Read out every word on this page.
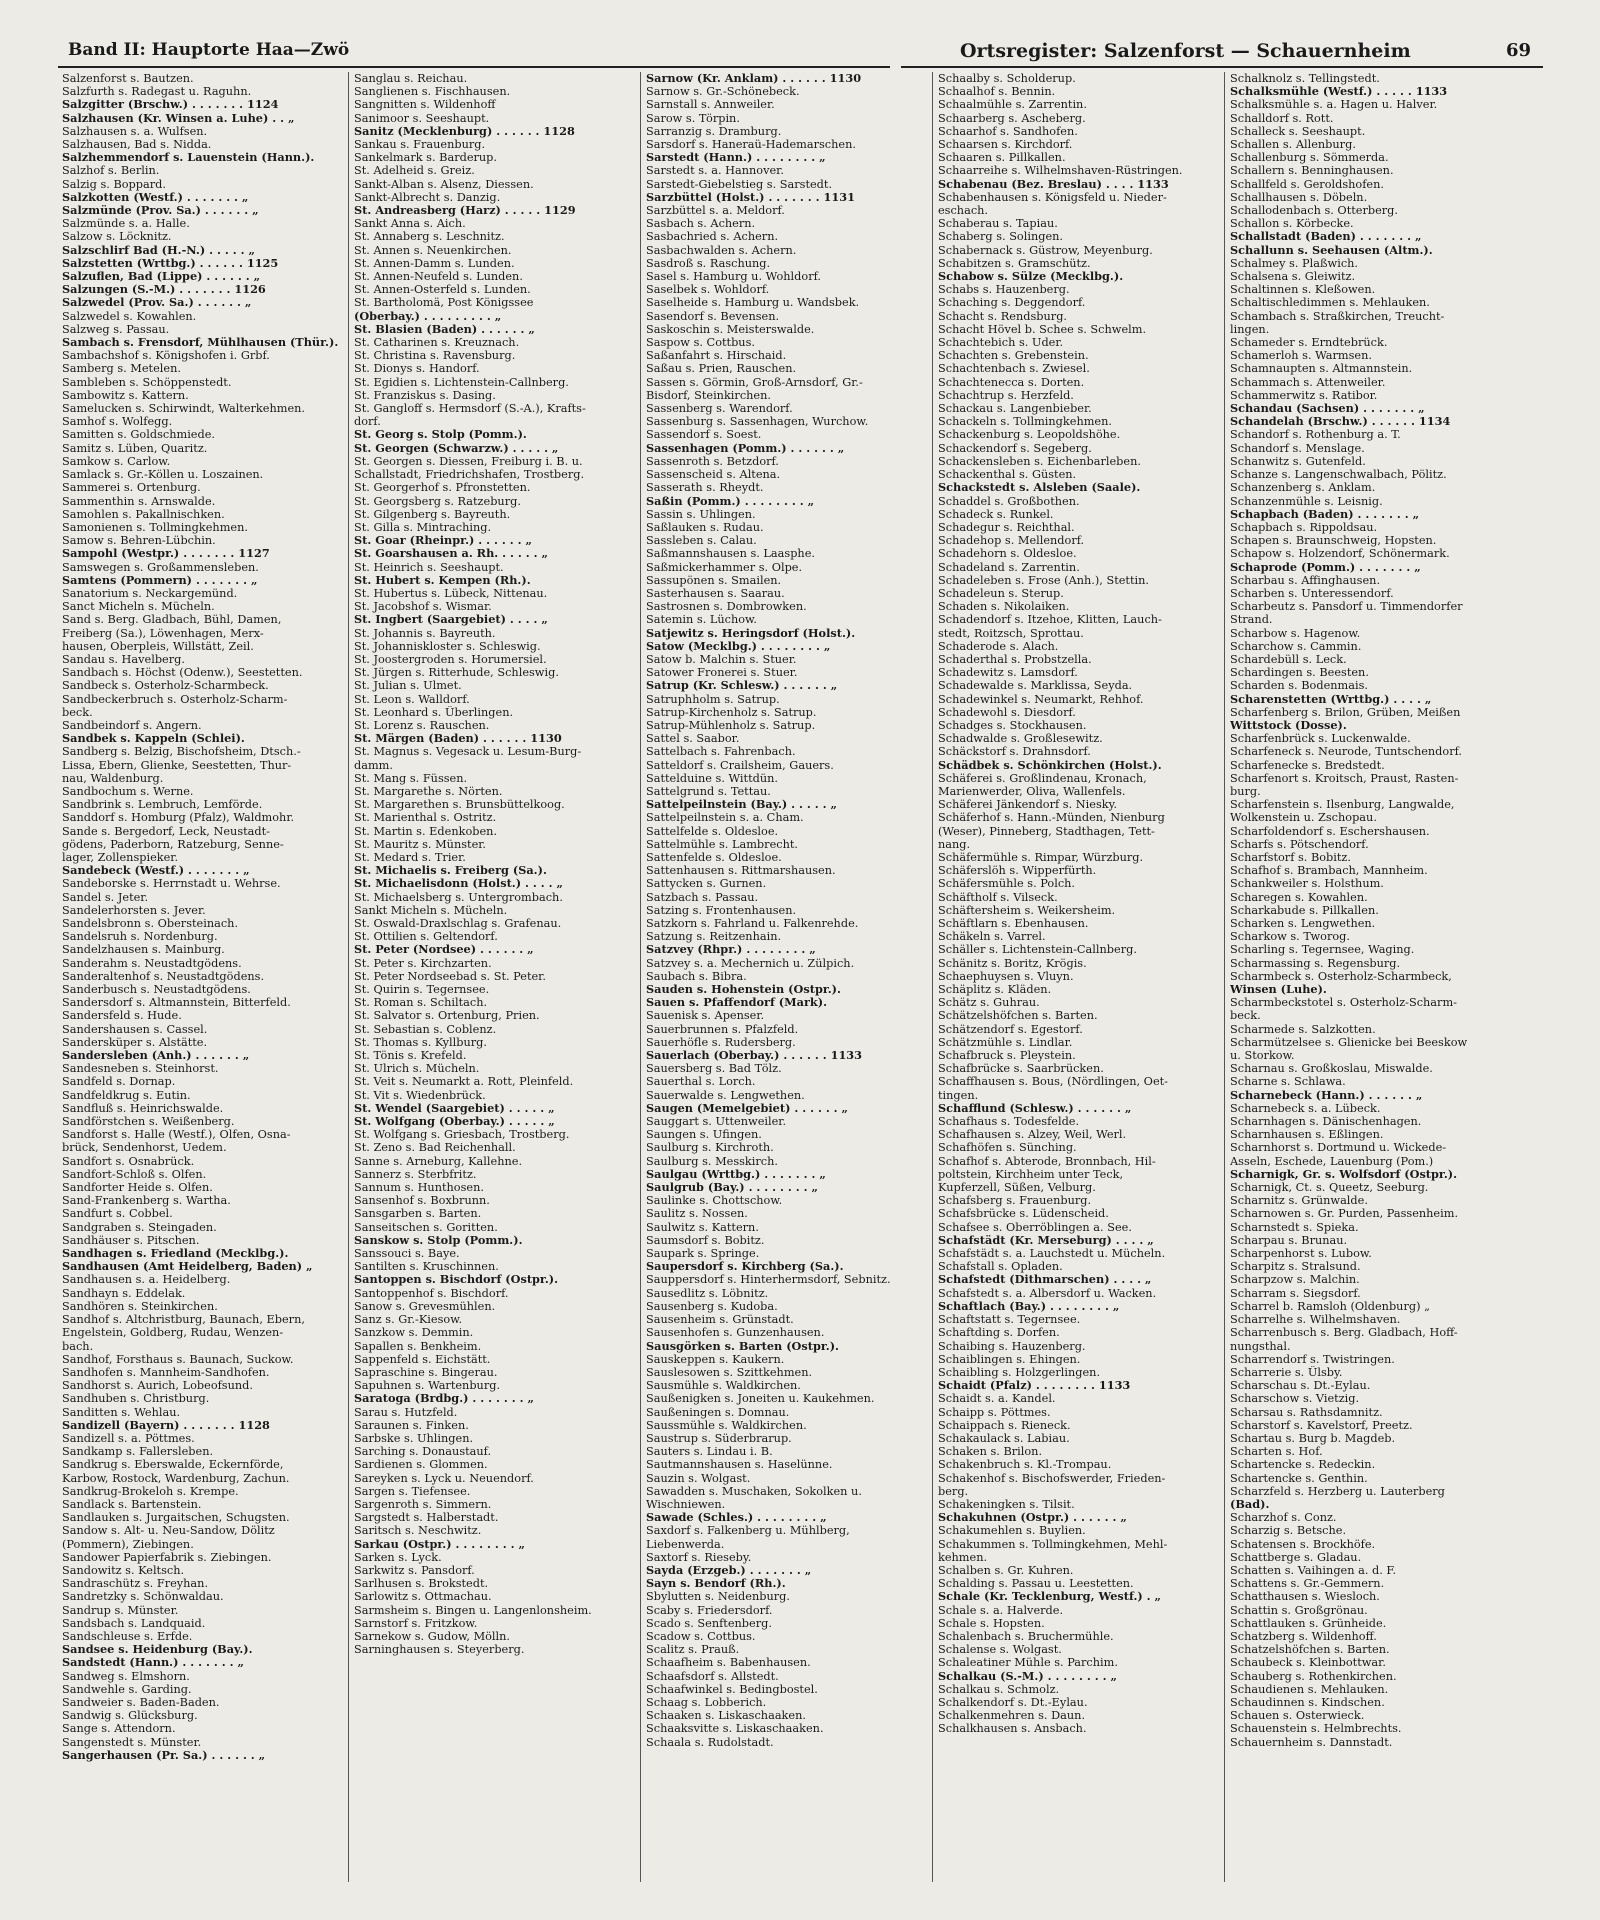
Band II: Hauptorte Haa—Zwö	Ortsregister: Salzenforst — Schauernheim	69
Salzenforst s. Bautzen.
Salzfurth s. Radegast u. Raguhn.
Salzgitter (Brschw.) . . . . . . . 1124
Salzhausen (Kr. Winsen a. Luhe) . . „
Salzhausen s. a. Wulfsen.
Salzhausen, Bad s. Nidda.
Salzhemmendorf s. Lauenstein (Hann.).
Salzhof s. Berlin.
Salzig s. Boppard.
Salzkotten (Westf.) . . . . . . . „
Salzmünde (Prov. Sa.) . . . . . . „
Salzmünde s. a. Halle.
Salzow s. Löcknitz.
Salzschlirf Bad (H.-N.) . . . . . „
Salzstetten (Wrttbg.) . . . . . . 1125
Salzuflen, Bad (Lippe) . . . . . . „
Salzungen (S.-M.) . . . . . . . 1126
Salzwedel (Prov. Sa.) . . . . . . „
Salzwedel s. Kowahlen.
Salzweg s. Passau.
Sambach s. Frensdorf, Mühlhausen (Thür.).
Sambachshof s. Königshofen i. Grbf.
Samberg s. Metelen.
Sambleben s. Schöppenstedt.
Sambowitz s. Kattern.
Samelucken s. Schirwindt, Walterkehmen.
Samhof s. Wolfegg.
Samitten s. Goldschmiede.
Samitz s. Lüben, Quaritz.
Samkow s. Carlow.
Samlack s. Gr.-Köllen u. Loszainen.
Sammerei s. Ortenburg.
Sammenthin s. Arnswalde.
Samohlen s. Pakallnischken.
Samonienen s. Tollmingkehmen.
Samow s. Behren-Lübchin.
Sampohl (Westpr.) . . . . . . . 1127
Samswegen s. Großammensleben.
Samtens (Pommern) . . . . . . . „
Sanatorium s. Neckargemünd.
Sanct Micheln s. Mücheln.
Sand s. Berg. Gladbach, Bühl, Damen,
Freiberg (Sa.), Löwenhagen, Merx-
hausen, Oberpleis, Willstätt, Zeil.
Sandau s. Havelberg.
Sandbach s. Höchst (Odenw.), Seestetten.
Sandbeck s. Osterholz-Scharmbeck.
Sandbeckerbruch s. Osterholz-Scharm-
beck.
Sandbeindorf s. Angern.
Sandbek s. Kappeln (Schlei).
Sandberg s. Belzig, Bischofsheim, Dtsch.-
Lissa, Ebern, Glienke, Seestetten, Thur-
nau, Waldenburg.
Sandbochum s. Werne.
Sandbrink s. Lembruch, Lemförde.
Sanddorf s. Homburg (Pfalz), Waldmohr.
Sande s. Bergedorf, Leck, Neustadt-
gödens, Paderborn, Ratzeburg, Senne-
lager, Zollenspieker.
Sandebeck (Westf.) . . . . . . . „
Sandeborske s. Herrnstadt u. Wehrse.
Sandel s. Jeter.
Sandelerhorsten s. Jever.
Sandelsbronn s. Obersteinach.
Sandelsruh s. Nordenburg.
Sandelzhausen s. Mainburg.
Sanderahm s. Neustadtgödens.
Sanderaltenhof s. Neustadtgödens.
Sanderbusch s. Neustadtgödens.
Sandersdorf s. Altmannstein, Bitterfeld.
Sandersfeld s. Hude.
Sandershausen s. Cassel.
Sandersküper s. Alstätte.
Sandersleben (Anh.) . . . . . . „
Sandesneben s. Steinhorst.
Sandfeld s. Dornap.
Sandfeldkrug s. Eutin.
Sandfluß s. Heinrichswalde.
Sandförstchen s. Weißenberg.
Sandforst s. Halle (Westf.), Olfen, Osna-
brück, Sendenhorst, Uedem.
Sandfort s. Osnabrück.
Sandfort-Schloß s. Olfen.
Sandforter Heide s. Olfen.
Sand-Frankenberg s. Wartha.
Sandfurt s. Cobbel.
Sandgraben s. Steingaden.
Sandhäuser s. Pitschen.
Sandhagen s. Friedland (Mecklbg.).
Sandhausen (Amt Heidelberg, Baden) „
Sandhausen s. a. Heidelberg.
Sandhayn s. Eddelak.
Sandhören s. Steinkirchen.
Sandhof s. Altchristburg, Baunach, Ebern,
Engelstein, Goldberg, Rudau, Wenzen-
bach.
Sandhof, Forsthaus s. Baunach, Suckow.
Sandhofen s. Mannheim-Sandhofen.
Sandhorst s. Aurich, Lobeofsund.
Sandhuben s. Christburg.
Sanditten s. Wehlau.
Sandizell (Bayern) . . . . . . . 1128
Sandizell s. a. Pöttmes.
Sandkamp s. Fallersleben.
Sandkrug s. Eberswalde, Eckernförde,
Karbow, Rostock, Wardenburg, Zachun.
Sandkrug-Brokeloh s. Krempe.
Sandlack s. Bartenstein.
Sandlauken s. Jurgaitschen, Schugsten.
Sandow s. Alt- u. Neu-Sandow, Dölitz
(Pommern), Ziebingen.
Sandower Papierfabrik s. Ziebingen.
Sandowitz s. Keltsch.
Sandraschütz s. Freyhan.
Sandretzky s. Schönwaldau.
Sandrup s. Münster.
Sandsbach s. Landquaid.
Sandschleuse s. Erfde.
Sandsee s. Heidenburg (Bay.).
Sandstedt (Hann.) . . . . . . . „
Sandweg s. Elmshorn.
Sandwehle s. Garding.
Sandweier s. Baden-Baden.
Sandwig s. Glücksburg.
Sange s. Attendorn.
Sangenstedt s. Münster.
Sangerhausen (Pr. Sa.) . . . . . . „
Sanglau s. Reichau.
Sanglienen s. Fischhausen.
Sangnitten s. Wildenhoff
Sanimoor s. Seeshaupt.
Sanitz (Mecklenburg) . . . . . . 1128
Sankau s. Frauenburg.
Sankelmark s. Barderup.
St. Adelheid s. Greiz.
Sankt-Alban s. Alsenz, Diessen.
Sankt-Albrecht s. Danzig.
St. Andreasberg (Harz) . . . . . 1129
Sankt Anna s. Aich.
St. Annaberg s. Leschnitz.
St. Annen s. Neuenkirchen.
St. Annen-Damm s. Lunden.
St. Annen-Neufeld s. Lunden.
St. Annen-Osterfeld s. Lunden.
St. Bartholomä, Post Königssee
(Oberbay.) . . . . . . . . . „
St. Blasien (Baden) . . . . . . „
St. Catharinen s. Kreuznach.
St. Christina s. Ravensburg.
St. Dionys s. Handorf.
St. Egidien s. Lichtenstein-Callnberg.
St. Franziskus s. Dasing.
St. Gangloff s. Hermsdorf (S.-A.), Krafts-
dorf.
St. Georg s. Stolp (Pomm.).
St. Georgen (Schwarzw.) . . . . . „
St. Georgen s. Diessen, Freiburg i. B. u.
Schallstadt, Friedrichshafen, Trostberg.
St. Georgerhof s. Pfronstetten.
St. Georgsberg s. Ratzeburg.
St. Gilgenberg s. Bayreuth.
St. Gilla s. Mintraching.
St. Goar (Rheinpr.) . . . . . . „
St. Goarshausen a. Rh. . . . . . „
St. Heinrich s. Seeshaupt.
St. Hubert s. Kempen (Rh.).
St. Hubertus s. Lübeck, Nittenau.
St. Jacobshof s. Wismar.
St. Ingbert (Saargebiet) . . . . „
St. Johannis s. Bayreuth.
St. Johanniskloster s. Schleswig.
St. Joostergroden s. Horumersiel.
St. Jürgen s. Ritterhude, Schleswig.
St. Julian s. Ulmet.
St. Leon s. Walldorf.
St. Leonhard s. Überlingen.
St. Lorenz s. Rauschen.
St. Märgen (Baden) . . . . . . 1130
St. Magnus s. Vegesack u. Lesum-Burg-
damm.
St. Mang s. Füssen.
St. Margarethe s. Nörten.
St. Margarethen s. Brunsbüttelkoog.
St. Marienthal s. Ostritz.
St. Martin s. Edenkoben.
St. Mauritz s. Münster.
St. Medard s. Trier.
St. Michaelis s. Freiberg (Sa.).
St. Michaelisdonn (Holst.) . . . . „
St. Michaelsberg s. Untergrombach.
Sankt Micheln s. Mücheln.
St. Oswald-Draxlschlag s. Grafenau.
St. Ottilien s. Geltendorf.
St. Peter (Nordsee) . . . . . . „
St. Peter s. Kirchzarten.
St. Peter Nordseebad s. St. Peter.
St. Quirin s. Tegernsee.
St. Roman s. Schiltach.
St. Salvator s. Ortenburg, Prien.
St. Sebastian s. Coblenz.
St. Thomas s. Kyllburg.
St. Tönis s. Krefeld.
St. Ulrich s. Mücheln.
St. Veit s. Neumarkt a. Rott, Pleinfeld.
St. Vit s. Wiedenbrück.
St. Wendel (Saargebiet) . . . . . „
St. Wolfgang (Oberbay.) . . . . . „
St. Wolfgang s. Griesbach, Trostberg.
St. Zeno s. Bad Reichenhall.
Sanne s. Arneburg, Kallehne.
Sannerz s. Sterbfritz.
Sannum s. Hunthosen.
Sansenhof s. Boxbrunn.
Sansgarben s. Barten.
Sanseitschen s. Goritten.
Sanskow s. Stolp (Pomm.).
Sanssouci s. Baye.
Santilten s. Kruschinnen.
Santoppen s. Bischdorf (Ostpr.).
Santoppenhof s. Bischdorf.
Sanow s. Grevesmühlen.
Sanz s. Gr.-Kiesow.
Sanzkow s. Demmin.
Sapallen s. Benkheim.
Sappenfeld s. Eichstätt.
Sapraschine s. Bingerau.
Sapuhnen s. Wartenburg.
Saratoga (Brdbg.) . . . . . . . „
Sarau s. Hutzfeld.
Saraunen s. Finken.
Sarbske s. Uhlingen.
Sarching s. Donaustauf.
Sardienen s. Glommen.
Sareyken s. Lyck u. Neuendorf.
Sargen s. Tiefensee.
Sargenroth s. Simmern.
Sargstedt s. Halberstadt.
Saritsch s. Neschwitz.
Sarkau (Ostpr.) . . . . . . . . „
Sarken s. Lyck.
Sarkwitz s. Pansdorf.
Sarlhusen s. Brokstedt.
Sarlowitz s. Ottmachau.
Sarmsheim s. Bingen u. Langenlonsheim.
Sarnstorf s. Fritzkow.
Sarnekow s. Gudow, Mölln.
Sarninghausen s. Steyerberg.
Sarnow (Kr. Anklam) . . . . . . 1130
Sarnow s. Gr.-Schönebeck.
Sarnstall s. Annweiler.
Sarow s. Törpin.
Sarranzig s. Dramburg.
Sarsdorf s. Haneraü-Hademarschen.
Sarstedt (Hann.) . . . . . . . . „
Sarstedt s. a. Hannover.
Sarstedt-Giebelstieg s. Sarstedt.
Sarzbüttel (Holst.) . . . . . . . 1131
Sarzbüttel s. a. Meldorf.
Sasbach s. Achern.
Sasbachried s. Achern.
Sasbachwalden s. Achern.
Sasdroß s. Raschung.
Sasel s. Hamburg u. Wohldorf.
Saselbek s. Wohldorf.
Saselheide s. Hamburg u. Wandsbek.
Sasendorf s. Bevensen.
Saskoschin s. Meisterswalde.
Saspow s. Cottbus.
Saßanfahrt s. Hirschaid.
Saßau s. Prien, Rauschen.
Sassen s. Görmin, Groß-Arnsdorf, Gr.-
Bisdorf, Steinkirchen.
Sassenberg s. Warendorf.
Sassenburg s. Sassenhagen, Wurchow.
Sassendorf s. Soest.
Sassenhagen (Pomm.) . . . . . . „
Sassenroth s. Betzdorf.
Sassenscheid s. Altena.
Sasserath s. Rheydt.
Saßin (Pomm.) . . . . . . . . „
Sassin s. Uhlingen.
Saßlauken s. Rudau.
Sassleben s. Calau.
Saßmannshausen s. Laasphe.
Saßmickerhammer s. Olpe.
Sassupönen s. Smailen.
Sasterhausen s. Saarau.
Sastrosnen s. Dombrowken.
Satemin s. Lüchow.
Satjewitz s. Heringsdorf (Holst.).
Satow (Mecklbg.) . . . . . . . . „
Satow b. Malchin s. Stuer.
Satower Fronerei s. Stuer.
Satrup (Kr. Schlesw.) . . . . . . „
Satruphholm s. Satrup.
Satrup-Kirchenholz s. Satrup.
Satrup-Mühlenholz s. Satrup.
Sattel s. Saabor.
Sattelbach s. Fahrenbach.
Satteldorf s. Crailsheim, Gauers.
Sattelduine s. Wittdün.
Sattelgrund s. Tettau.
Sattelpeilnstein (Bay.) . . . . . „
Sattelpeilnstein s. a. Cham.
Sattelfelde s. Oldesloe.
Sattelmühle s. Lambrecht.
Sattenfelde s. Oldesloe.
Sattenhausen s. Rittmarshausen.
Sattycken s. Gurnen.
Satzbach s. Passau.
Satzing s. Frontenhausen.
Satzkorn s. Fahrland u. Falkenrehde.
Satzung s. Reitzenhain.
Satzvey (Rhpr.) . . . . . . . . „
Satzvey s. a. Mechernich u. Zülpich.
Saubach s. Bibra.
Sauden s. Hohenstein (Ostpr.).
Sauen s. Pfaffendorf (Mark).
Sauenisk s. Apenser.
Sauerbrunnen s. Pfalzfeld.
Sauerhöfle s. Rudersberg.
Sauerlach (Oberbay.) . . . . . . 1133
Sauersberg s. Bad Tölz.
Sauerthal s. Lorch.
Sauerwalde s. Lengwethen.
Saugen (Memelgebiet) . . . . . . „
Sauggart s. Uttenweiler.
Saungen s. Ufingen.
Saulburg s. Kirchroth.
Saulburg s. Messkirch.
Saulgau (Wrttbg.) . . . . . . . „
Saulgrub (Bay.) . . . . . . . . „
Saulinke s. Chottschow.
Saulitz s. Nossen.
Saulwitz s. Kattern.
Saumsdorf s. Bobitz.
Saupark s. Springe.
Saupersdorf s. Kirchberg (Sa.).
Sauppersdorf s. Hinterhermsdorf, Sebnitz.
Sausedlitz s. Löbnitz.
Sausenberg s. Kudoba.
Sausenheim s. Grünstadt.
Sausenhofen s. Gunzenhausen.
Sausgörken s. Barten (Ostpr.).
Sauskeppen s. Kaukern.
Sauslesowen s. Szittkehmen.
Sausmühle s. Waldkirchen.
Saußenigken s. Joneiten u. Kaukehmen.
Saußeningen s. Domnau.
Saussmühle s. Waldkirchen.
Saustrup s. Süderbrarup.
Sauters s. Lindau i. B.
Sautmannshausen s. Haselünne.
Sauzin s. Wolgast.
Sawadden s. Muschaken, Sokolken u.
Wischniewen.
Sawade (Schles.) . . . . . . . . „
Saxdorf s. Falkenberg u. Mühlberg,
Liebenwerda.
Saxtorf s. Rieseby.
Sayda (Erzgeb.) . . . . . . . „
Sayn s. Bendorf (Rh.).
Sbylutten s. Neidenburg.
Scaby s. Friedersdorf.
Scado s. Senftenberg.
Scadow s. Cottbus.
Scalitz s. Prauß.
Schaafheim s. Babenhausen.
Schaafsdorf s. Allstedt.
Schaafwinkel s. Bedingbostel.
Schaag s. Lobberich.
Schaaken s. Liskaschaaken.
Schaaksvitte s. Liskaschaaken.
Schaala s. Rudolstadt.
Schaalby s. Scholderup.
Schaalhof s. Bennin.
Schaalmühle s. Zarrentin.
Schaarberg s. Ascheberg.
Schaarhof s. Sandhofen.
Schaarsen s. Kirchdorf.
Schaaren s. Pillkallen.
Schaarreihe s. Wilhelmshaven-Rüstringen.
Schabenau (Bez. Breslau) . . . . 1133
Schabenhausen s. Königsfeld u. Nieder-
eschach.
Schaberau s. Tapiau.
Schaberg s. Solingen.
Schabernack s. Güstrow, Meyenburg.
Schabitzen s. Gramschütz.
Schabow s. Sülze (Mecklbg.).
Schabs s. Hauzenberg.
Schaching s. Deggendorf.
Schacht s. Rendsburg.
Schacht Hövel b. Schee s. Schwelm.
Schachtebich s. Uder.
Schachten s. Grebenstein.
Schachtenbach s. Zwiesel.
Schachtenecca s. Dorten.
Schachtrup s. Herzfeld.
Schackau s. Langenbieber.
Schackeln s. Tollmingkehmen.
Schackenburg s. Leopoldshöhe.
Schackendorf s. Segeberg.
Schackensleben s. Eichenbarleben.
Schackenthal s. Güsten.
Schackstedt s. Alsleben (Saale).
Schaddel s. Großbothen.
Schadeck s. Runkel.
Schadegur s. Reichthal.
Schadehop s. Mellendorf.
Schadehorn s. Oldesloe.
Schadeland s. Zarrentin.
Schadeleben s. Frose (Anh.), Stettin.
Schadeleun s. Sterup.
Schaden s. Nikolaiken.
Schadendorf s. Itzehoe, Klitten, Lauch-
stedt, Roitzsch, Sprottau.
Schaderode s. Alach.
Schaderthal s. Probstzella.
Schadewitz s. Lamsdorf.
Schadewalde s. Marklissa, Seyda.
Schadewinkel s. Neumarkt, Rehhof.
Schadewohl s. Diesdorf.
Schadges s. Stockhausen.
Schadwalde s. Großlesewitz.
Schäckstorf s. Drahnsdorf.
Schädbek s. Schönkirchen (Holst.).
Schäferei s. Großlindenau, Kronach,
Marienwerder, Oliva, Wallenfels.
Schäferei Jänkendorf s. Niesky.
Schäferhof s. Hann.-Münden, Nienburg
(Weser), Pinneberg, Stadthagen, Tett-
nang.
Schäfermühle s. Rimpar, Würzburg.
Schäferslöh s. Wipperfürth.
Schäfersmühle s. Polch.
Schäftholf s. Vilseck.
Schäftersheim s. Weikersheim.
Schäftlarn s. Ebenhausen.
Schäkeln s. Varrel.
Schäller s. Lichtenstein-Callnberg.
Schänitz s. Boritz, Krögis.
Schaephuysen s. Vluyn.
Schäplitz s. Kläden.
Schätz s. Guhrau.
Schätzelshöfchen s. Barten.
Schätzendorf s. Egestorf.
Schätzmühle s. Lindlar.
Schafbruck s. Pleystein.
Schafbrücke s. Saarbrücken.
Schaffhausen s. Bous, (Nördlingen, Oet-
tingen.
Schafflund (Schlesw.) . . . . . . „
Schafhaus s. Todesfelde.
Schafhausen s. Alzey, Weil, Werl.
Schafhöfen s. Sünching.
Schafhof s. Abterode, Bronnbach, Hil-
poltstein, Kirchheim unter Teck,
Kupferzell, Süßen, Velburg.
Schafsberg s. Frauenburg.
Schafsbrücke s. Lüdenscheid.
Schafsee s. Oberröblingen a. See.
Schafstädt (Kr. Merseburg) . . . . „
Schafstädt s. a. Lauchstedt u. Mücheln.
Schafstall s. Opladen.
Schafstedt (Dithmarschen) . . . . „
Schafstedt s. a. Albersdorf u. Wacken.
Schaftlach (Bay.) . . . . . . . . „
Schaftstatt s. Tegernsee.
Schaftding s. Dorfen.
Schaibing s. Hauzenberg.
Schaiblingen s. Ehingen.
Schaibling s. Holzgerlingen.
Schaidt (Pfalz) . . . . . . . . 1133
Schaidt s. a. Kandel.
Schaipp s. Pöttmes.
Schaippach s. Rieneck.
Schakaulack s. Labiau.
Schaken s. Brilon.
Schakenbruch s. Kl.-Trompau.
Schakenhof s. Bischofswerder, Frieden-
berg.
Schakeningken s. Tilsit.
Schakuhnen (Ostpr.) . . . . . . „
Schakumehlen s. Buylien.
Schakummen s. Tollmingkehmen, Mehl-
kehmen.
Schalben s. Gr. Kuhren.
Schalding s. Passau u. Leestetten.
Schale (Kr. Tecklenburg, Westf.) . „
Schale s. a. Halverde.
Schale s. Hopsten.
Schalenbach s. Bruchermühle.
Schalense s. Wolgast.
Schaleatiner Mühle s. Parchim.
Schalkau (S.-M.) . . . . . . . . „
Schalkau s. Schmolz.
Schalkendorf s. Dt.-Eylau.
Schalkenmehren s. Daun.
Schalkhausen s. Ansbach.
Schalknolz s. Tellingstedt.
Schalksmühle (Westf.) . . . . . 1133
Schalksmühle s. a. Hagen u. Halver.
Schalldorf s. Rott.
Schalleck s. Seeshaupt.
Schallen s. Allenburg.
Schallenburg s. Sömmerda.
Schallern s. Benninghausen.
Schallfeld s. Geroldshofen.
Schallhausen s. Döbeln.
Schallodenbach s. Otterberg.
Schallon s. Körbecke.
Schallstadt (Baden) . . . . . . . „
Schallunn s. Seehausen (Altm.).
Schalmey s. Plaßwich.
Schalsena s. Gleiwitz.
Schaltinnen s. Kleßowen.
Schaltischledimmen s. Mehlauken.
Schambach s. Straßkirchen, Treucht-
lingen.
Schameder s. Erndtebrück.
Schamerloh s. Warmsen.
Schamnaupten s. Altmannstein.
Schammach s. Attenweiler.
Schammerwitz s. Ratibor.
Schandau (Sachsen) . . . . . . . „
Schandelah (Brschw.) . . . . . . 1134
Schandorf s. Rothenburg a. T.
Schandorf s. Menslage.
Schanwitz s. Gutenfeld.
Schanze s. Langenschwalbach, Pölitz.
Schanzenberg s. Anklam.
Schanzenmühle s. Leisnig.
Schapbach (Baden) . . . . . . . „
Schapbach s. Rippoldsau.
Schapen s. Braunschweig, Hopsten.
Schapow s. Holzendorf, Schönermark.
Schaprode (Pomm.) . . . . . . . „
Scharbau s. Affinghausen.
Scharben s. Unteressendorf.
Scharbeutz s. Pansdorf u. Timmendorfer
Strand.
Scharbow s. Hagenow.
Scharchow s. Cammin.
Schardebüll s. Leck.
Schardingen s. Beesten.
Scharden s. Bodenmais.
Scharenstetten (Wrttbg.) . . . . „
Scharfenberg s. Brilon, Grüben, Meißen
Wittstock (Dosse).
Scharfenbrück s. Luckenwalde.
Scharfeneck s. Neurode, Tuntschendorf.
Scharfenecke s. Bredstedt.
Scharfenort s. Kroitsch, Praust, Rasten-
burg.
Scharfenstein s. Ilsenburg, Langwalde,
Wolkenstein u. Zschopau.
Scharfoldendorf s. Eschershausen.
Scharfs s. Pötschendorf.
Scharfstorf s. Bobitz.
Schafhof s. Brambach, Mannheim.
Schankweiler s. Holsthum.
Scharegen s. Kowahlen.
Scharkabude s. Pillkallen.
Scharken s. Lengwethen.
Scharkow s. Tworog.
Scharling s. Tegernsee, Waging.
Scharmassing s. Regensburg.
Scharmbeck s. Osterholz-Scharmbeck,
Winsen (Luhe).
Scharmbeckstotel s. Osterholz-Scharm-
beck.
Scharmede s. Salzkotten.
Scharmützelsee s. Glienicke bei Beeskow
u. Storkow.
Scharnau s. Großkoslau, Miswalde.
Scharne s. Schlawa.
Scharnebeck (Hann.) . . . . . . „
Scharnebeck s. a. Lübeck.
Scharnhagen s. Dänischenhagen.
Scharnhausen s. Eßlingen.
Scharnhorst s. Dortmund u. Wickede-
Asseln, Eschede, Lauenburg (Pom.)
Scharnigk, Gr. s. Wolfsdorf (Ostpr.).
Scharnigk, Ct. s. Queetz, Seeburg.
Scharnitz s. Grünwalde.
Scharnowen s. Gr. Purden, Passenheim.
Scharnstedt s. Spieka.
Scharpau s. Brunau.
Scharpenhorst s. Lubow.
Scharpitz s. Stralsund.
Scharpzow s. Malchin.
Scharram s. Siegsdorf.
Scharrel b. Ramsloh (Oldenburg) „
Scharrelhe s. Wilhelmshaven.
Scharrenbusch s. Berg. Gladbach, Hoff-
nungsthal.
Scharrendorf s. Twistringen.
Scharrerie s. Ülsby.
Scharschau s. Dt.-Eylau.
Scharschow s. Vietzig.
Scharsau s. Rathsdamnitz.
Scharstorf s. Kavelstorf, Preetz.
Schartau s. Burg b. Magdeb.
Scharten s. Hof.
Schartencke s. Redeckin.
Schartencke s. Genthin.
Scharzfeld s. Herzberg u. Lauterberg
(Bad).
Scharzhof s. Conz.
Scharzig s. Betsche.
Schatensen s. Brockhöfe.
Schattberge s. Gladau.
Schatten s. Vaihingen a. d. F.
Schattens s. Gr.-Gemmern.
Schatthausen s. Wiesloch.
Schattin s. Großgrönau.
Schattlauken s. Grünheide.
Schatzberg s. Wildenhoff.
Schatzelshöfchen s. Barten.
Schaubeck s. Kleinbottwar.
Schauberg s. Rothenkirchen.
Schaudienen s. Mehlauken.
Schaudinnen s. Kindschen.
Schauen s. Osterwieck.
Schauenstein s. Helmbrechts.
Schauernheim s. Dannstadt.
